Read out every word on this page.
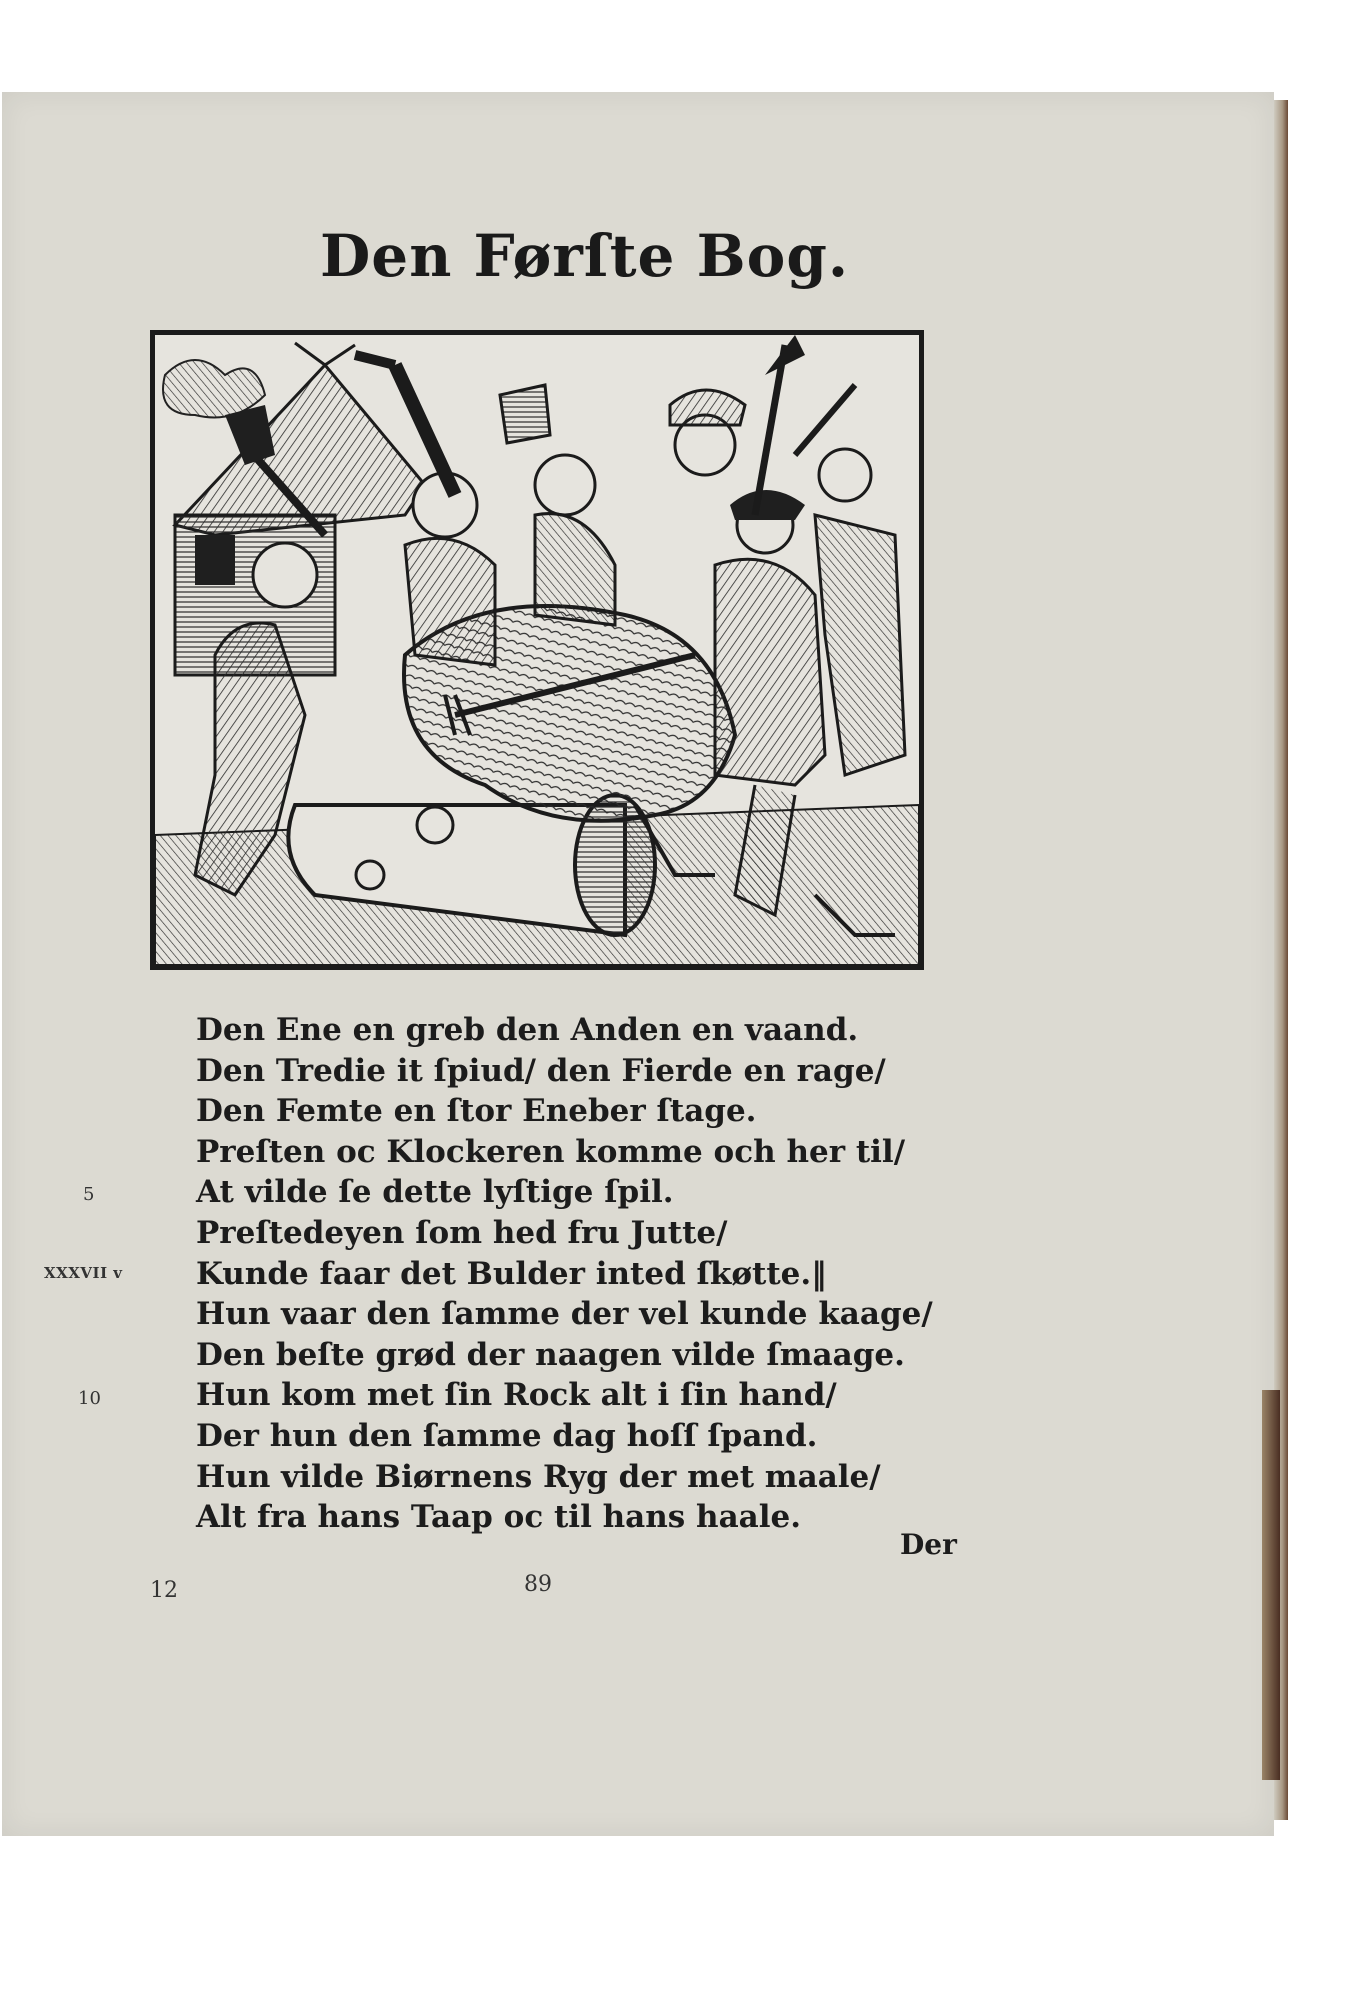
Den Førſte Bog.
Den Ene en greb den Anden en vaand.
Den Tredie it ſpiud/ den Fierde en rage/
Den Femte en ſtor Eneber ſtage.
Preſten oc Klockeren komme och her til/
At vilde ſe dette lyſtige ſpil.
Preſtedeyen ſom hed fru Jutte/
Kunde faar det Bulder inted ſkøtte.‖
Hun vaar den ſamme der vel kunde kaage/
Den beſte grød der naagen vilde ſmaage.
Hun kom met ſin Rock alt i ſin hand/
Der hun den ſamme dag hoſſ ſpand.
Hun vilde Biørnens Ryg der met maale/
Alt fra hans Taap oc til hans haale.
5
XXXVII v
10
Der
12	89
